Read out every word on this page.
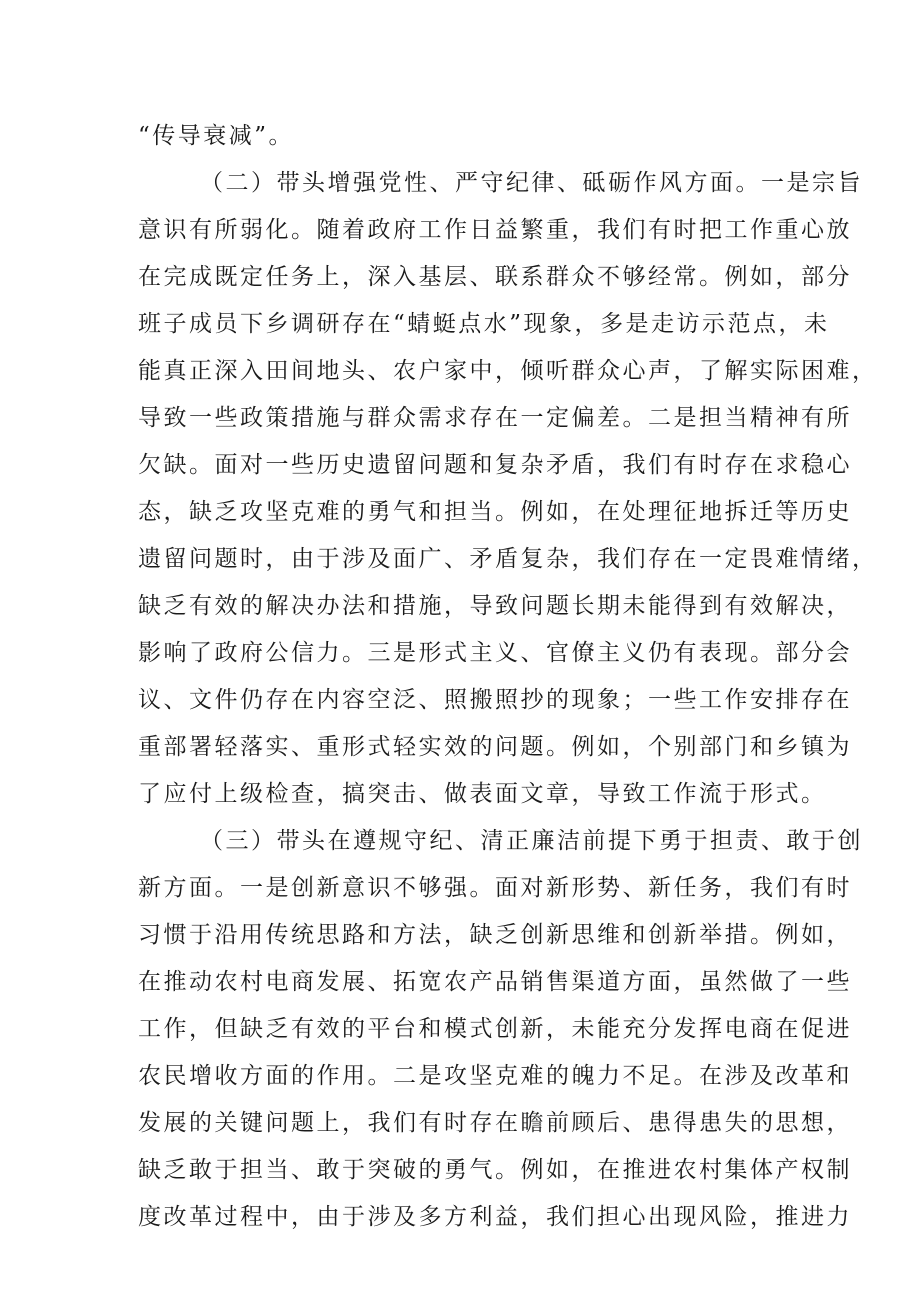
“传导衰减”。
（二）带头增强党性、严守纪律、砥砺作风方面。一是宗旨
意识有所弱化。随着政府工作日益繁重，我们有时把工作重心放
在完成既定任务上，深入基层、联系群众不够经常。例如，部分
班子成员下乡调研存在“蜻蜓点水”现象，多是走访示范点，未
能真正深入田间地头、农户家中，倾听群众心声，了解实际困难，
导致一些政策措施与群众需求存在一定偏差。二是担当精神有所
欠缺。面对一些历史遗留问题和复杂矛盾，我们有时存在求稳心
态，缺乏攻坚克难的勇气和担当。例如，在处理征地拆迁等历史
遗留问题时，由于涉及面广、矛盾复杂，我们存在一定畏难情绪，
缺乏有效的解决办法和措施，导致问题长期未能得到有效解决，
影响了政府公信力。三是形式主义、官僚主义仍有表现。部分会
议、文件仍存在内容空泛、照搬照抄的现象；一些工作安排存在
重部署轻落实、重形式轻实效的问题。例如，个别部门和乡镇为
了应付上级检查，搞突击、做表面文章，导致工作流于形式。
（三）带头在遵规守纪、清正廉洁前提下勇于担责、敢于创
新方面。一是创新意识不够强。面对新形势、新任务，我们有时
习惯于沿用传统思路和方法，缺乏创新思维和创新举措。例如，
在推动农村电商发展、拓宽农产品销售渠道方面，虽然做了一些
工作，但缺乏有效的平台和模式创新，未能充分发挥电商在促进
农民增收方面的作用。二是攻坚克难的魄力不足。在涉及改革和
发展的关键问题上，我们有时存在瞻前顾后、患得患失的思想，
缺乏敢于担当、敢于突破的勇气。例如，在推进农村集体产权制
度改革过程中，由于涉及多方利益，我们担心出现风险，推进力
